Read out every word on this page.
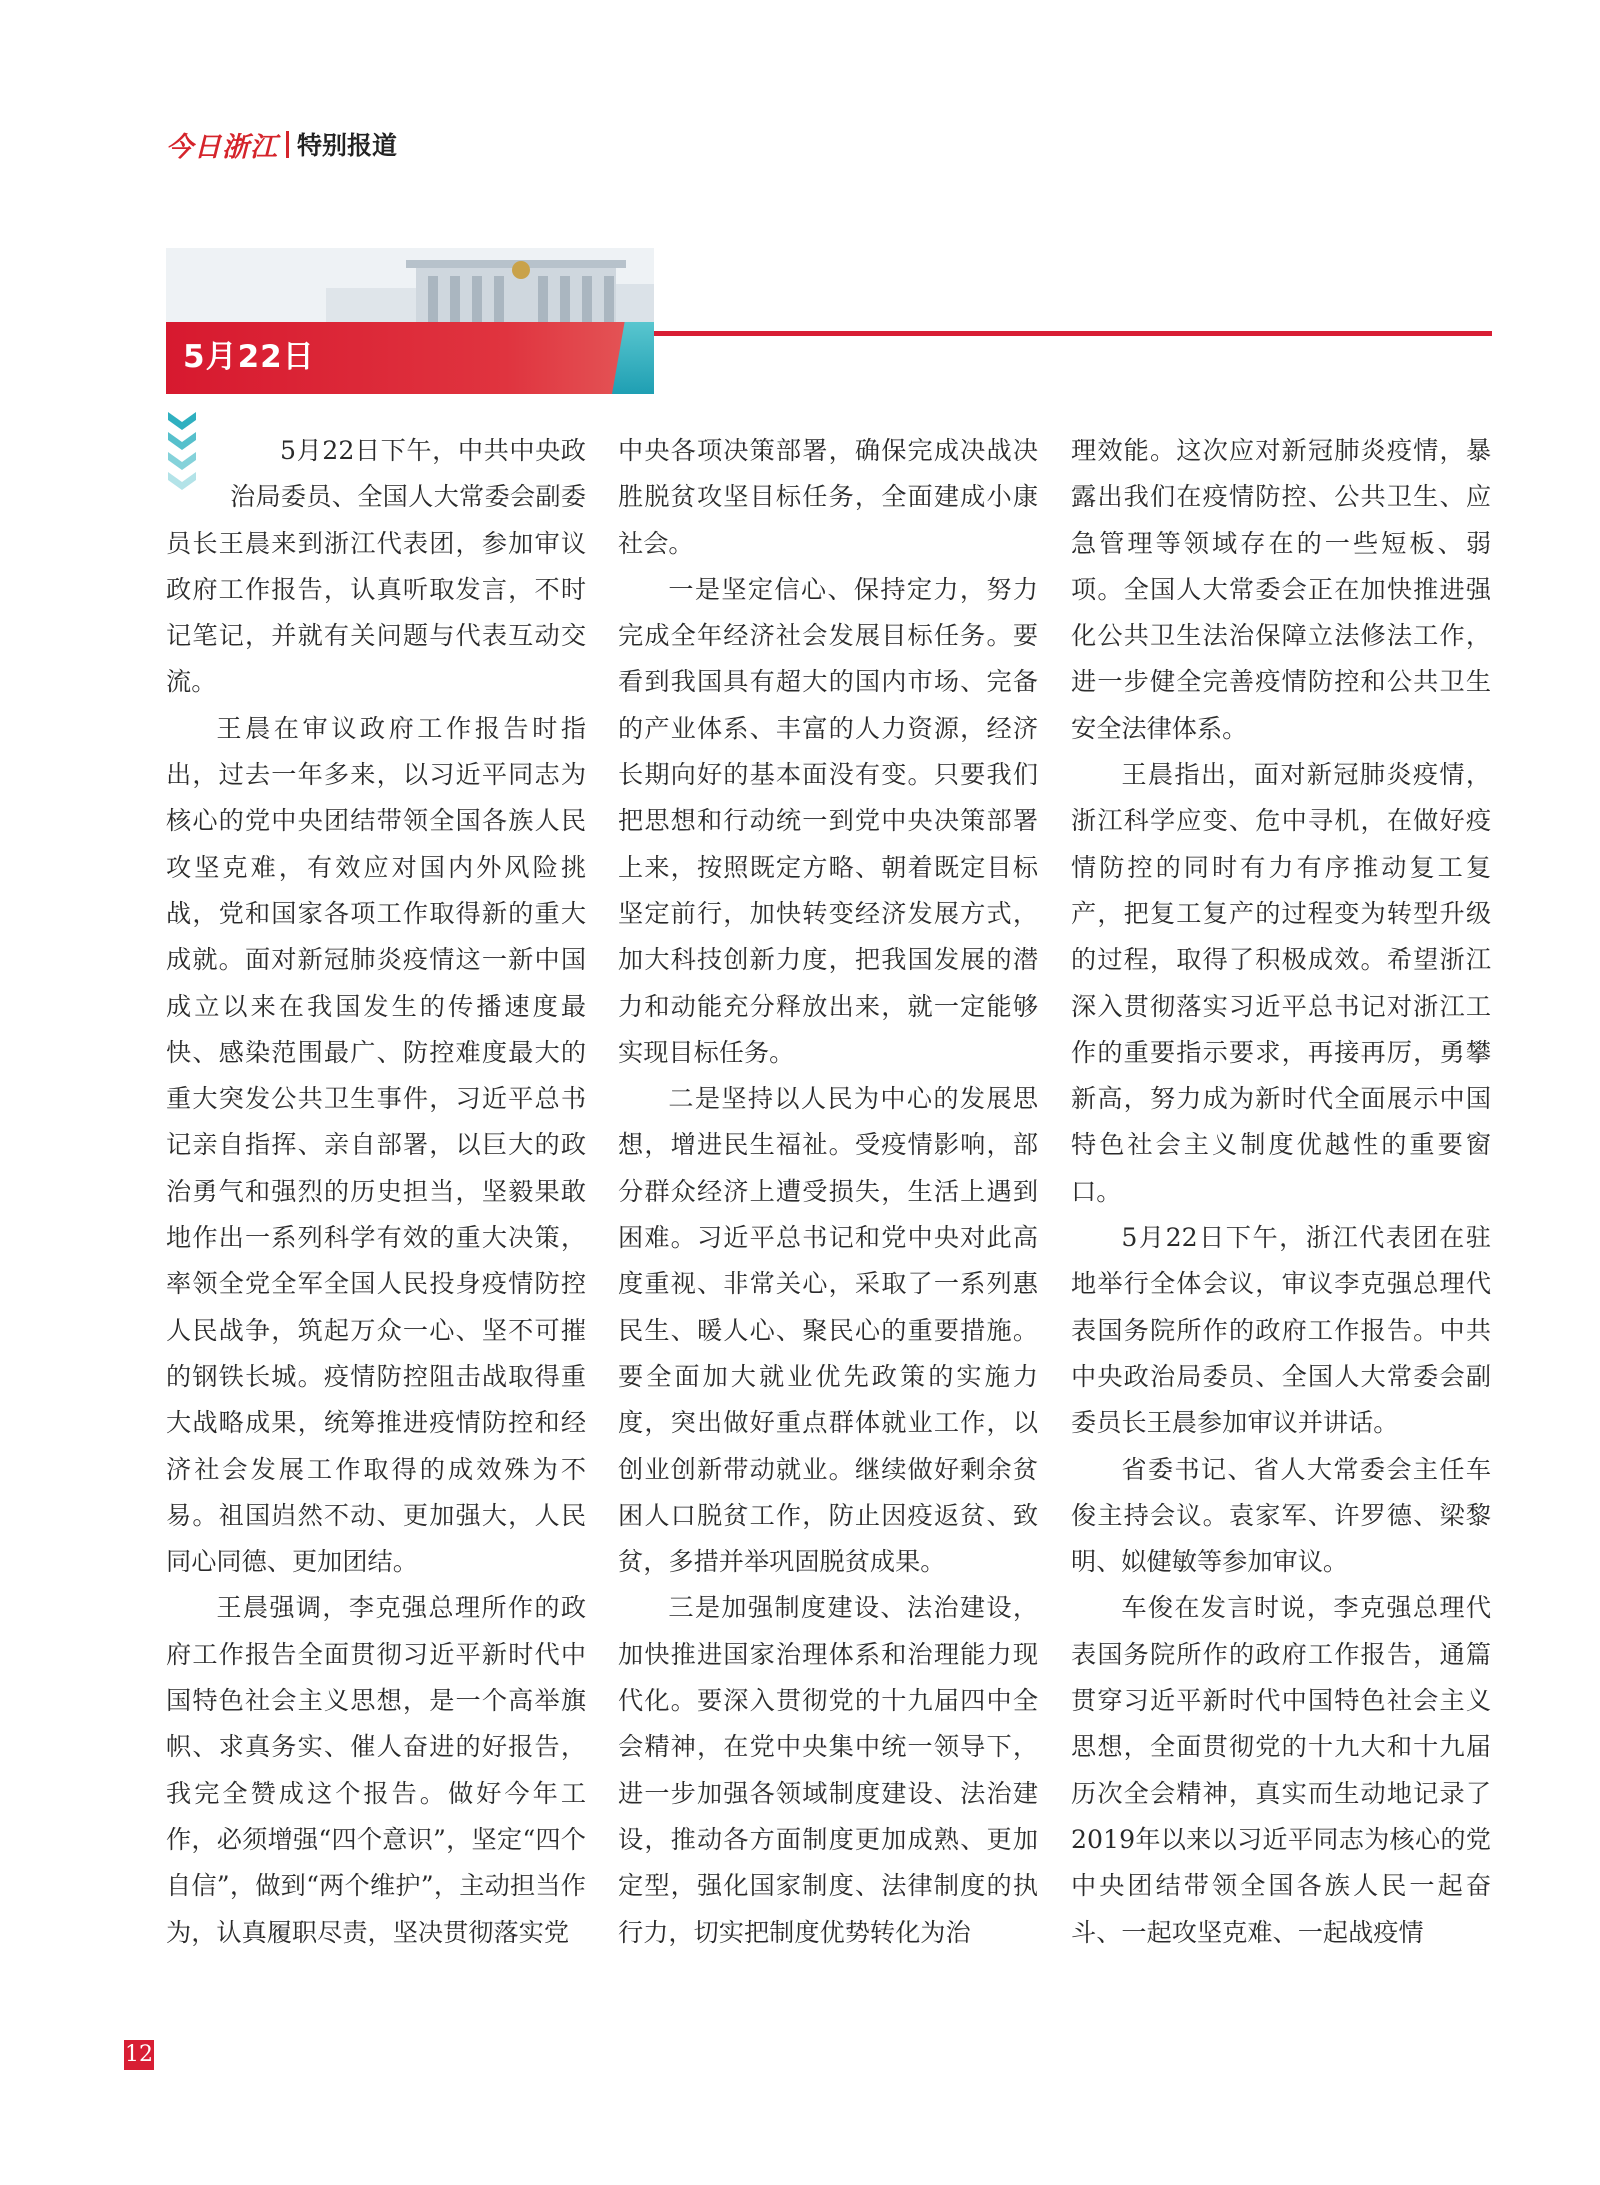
今日浙江 特别报道
5月22日

5月22日下午，中共中央政治局委员、全国人大常委会副委员长王晨来到浙江代表团，参加审议政府工作报告，认真听取发言，不时记笔记，并就有关问题与代表互动交流。

王晨在审议政府工作报告时指出，过去一年多来，以习近平同志为核心的党中央团结带领全国各族人民攻坚克难，有效应对国内外风险挑战，党和国家各项工作取得新的重大成就。面对新冠肺炎疫情这一新中国成立以来在我国发生的传播速度最快、感染范围最广、防控难度最大的重大突发公共卫生事件，习近平总书记亲自指挥、亲自部署，以巨大的政治勇气和强烈的历史担当，坚毅果敢地作出一系列科学有效的重大决策，率领全党全军全国人民投身疫情防控人民战争，筑起万众一心、坚不可摧的钢铁长城。疫情防控阻击战取得重大战略成果，统筹推进疫情防控和经济社会发展工作取得的成效殊为不易。祖国岿然不动、更加强大，人民同心同德、更加团结。

王晨强调，李克强总理所作的政府工作报告全面贯彻习近平新时代中国特色社会主义思想，是一个高举旗帜、求真务实、催人奋进的好报告，我完全赞成这个报告。做好今年工作，必须增强“四个意识”，坚定“四个自信”，做到“两个维护”，主动担当作为，认真履职尽责，坚决贯彻落实党

中央各项决策部署，确保完成决战决胜脱贫攻坚目标任务，全面建成小康社会。

一是坚定信心、保持定力，努力完成全年经济社会发展目标任务。要看到我国具有超大的国内市场、完备的产业体系、丰富的人力资源，经济长期向好的基本面没有变。只要我们把思想和行动统一到党中央决策部署上来，按照既定方略、朝着既定目标坚定前行，加快转变经济发展方式，加大科技创新力度，把我国发展的潜力和动能充分释放出来，就一定能够实现目标任务。

二是坚持以人民为中心的发展思想，增进民生福祉。受疫情影响，部分群众经济上遭受损失，生活上遇到困难。习近平总书记和党中央对此高度重视、非常关心，采取了一系列惠民生、暖人心、聚民心的重要措施。要全面加大就业优先政策的实施力度，突出做好重点群体就业工作，以创业创新带动就业。继续做好剩余贫困人口脱贫工作，防止因疫返贫、致贫，多措并举巩固脱贫成果。

三是加强制度建设、法治建设，加快推进国家治理体系和治理能力现代化。要深入贯彻党的十九届四中全会精神，在党中央集中统一领导下，进一步加强各领域制度建设、法治建设，推动各方面制度更加成熟、更加定型，强化国家制度、法律制度的执行力，切实把制度优势转化为治

理效能。这次应对新冠肺炎疫情，暴露出我们在疫情防控、公共卫生、应急管理等领域存在的一些短板、弱项。全国人大常委会正在加快推进强化公共卫生法治保障立法修法工作，进一步健全完善疫情防控和公共卫生安全法律体系。

王晨指出，面对新冠肺炎疫情，浙江科学应变、危中寻机，在做好疫情防控的同时有力有序推动复工复产，把复工复产的过程变为转型升级的过程，取得了积极成效。希望浙江深入贯彻落实习近平总书记对浙江工作的重要指示要求，再接再厉，勇攀新高，努力成为新时代全面展示中国特色社会主义制度优越性的重要窗口。

5月22日下午，浙江代表团在驻地举行全体会议，审议李克强总理代表国务院所作的政府工作报告。中共中央政治局委员、全国人大常委会副委员长王晨参加审议并讲话。

省委书记、省人大常委会主任车俊主持会议。袁家军、许罗德、梁黎明、姒健敏等参加审议。

车俊在发言时说，李克强总理代表国务院所作的政府工作报告，通篇贯穿习近平新时代中国特色社会主义思想，全面贯彻党的十九大和十九届历次全会精神，真实而生动地记录了2019年以来以习近平同志为核心的党中央团结带领全国各族人民一起奋斗、一起攻坚克难、一起战疫情

12
